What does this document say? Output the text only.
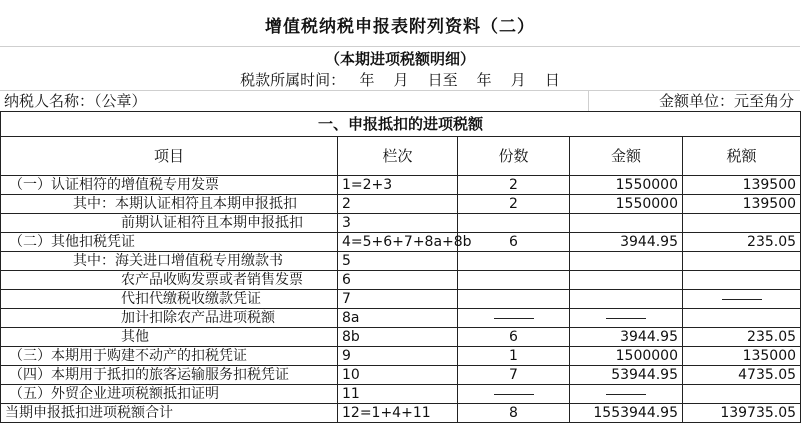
增值税纳税申报表附列资料（二）
（本期进项税额明细）
税款所属时间：   年    月    日至    年    月    日
纳税人名称：（公章）	金额单位：元至角分
一、申报抵扣的进项税额				
项目	栏次	份数	金额	税额
（一）认证相符的增值税专用发票	1=2+3	2	1550000	139500
其中：本期认证相符且本期申报抵扣	2	2	1550000	139500
前期认证相符且本期申报抵扣	3			
（二）其他扣税凭证	4=5+6+7+8a+8b	6	3944.95	235.05
其中：海关进口增值税专用缴款书	5			
农产品收购发票或者销售发票	6			
代扣代缴税收缴款凭证	7			
加计扣除农产品进项税额	8a			
其他	8b	6	3944.95	235.05
（三）本期用于购建不动产的扣税凭证	9	1	1500000	135000
（四）本期用于抵扣的旅客运输服务扣税凭证	10	7	53944.95	4735.05
（五）外贸企业进项税额抵扣证明	11			
当期申报抵扣进项税额合计	12=1+4+11	8	1553944.95	139735.05
